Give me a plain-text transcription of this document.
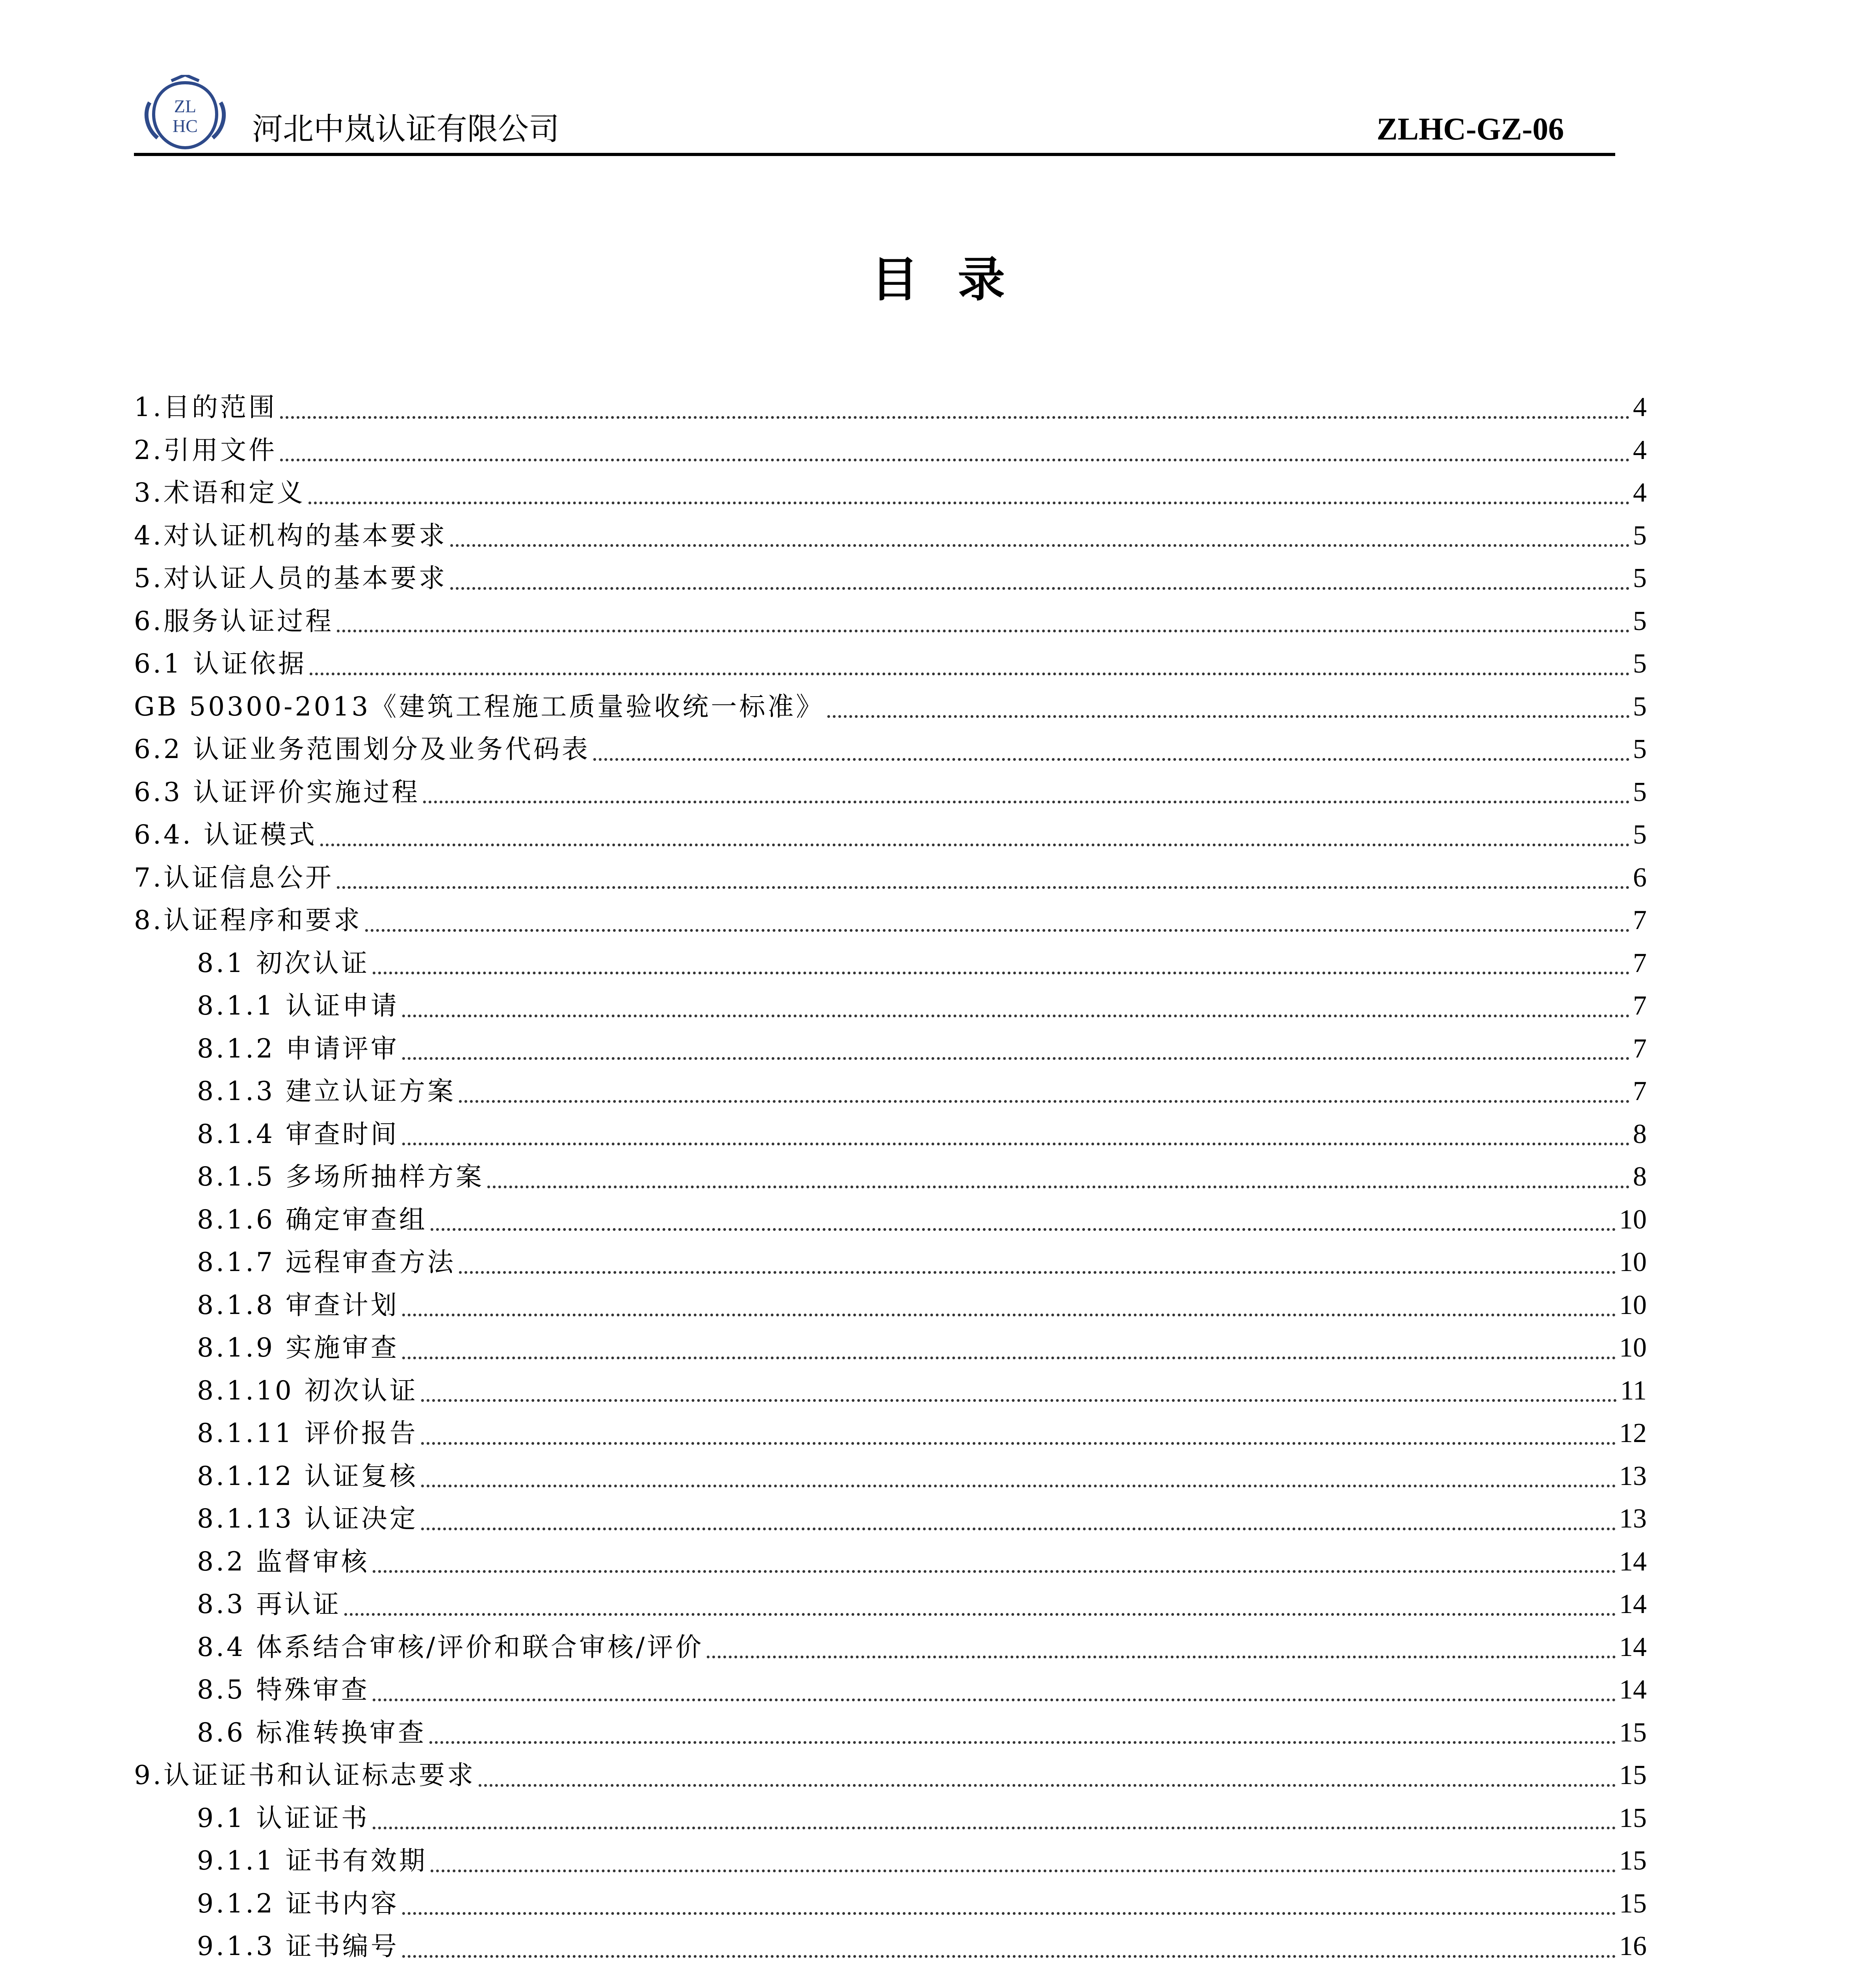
ZL
HC 河北中岚认证有限公司	ZLHC-GZ-06
目录
1.目的范围	4
2.引用文件	4
3.术语和定义	4
4.对认证机构的基本要求	5
5.对认证人员的基本要求	5
6.服务认证过程	5
6.1 认证依据	5
GB 50300-2013《建筑工程施工质量验收统一标准》	5
6.2 认证业务范围划分及业务代码表	5
6.3 认证评价实施过程	5
6.4. 认证模式	5
7.认证信息公开	6
8.认证程序和要求	7
8.1 初次认证	7
8.1.1 认证申请	7
8.1.2 申请评审	7
8.1.3 建立认证方案	7
8.1.4 审查时间	8
8.1.5 多场所抽样方案	8
8.1.6 确定审查组	10
8.1.7 远程审查方法	10
8.1.8 审查计划	10
8.1.9 实施审查	10
8.1.10 初次认证	11
8.1.11 评价报告	12
8.1.12 认证复核	13
8.1.13 认证决定	13
8.2 监督审核	14
8.3 再认证	14
8.4 体系结合审核/评价和联合审核/评价	14
8.5 特殊审查	14
8.6 标准转换审查	15
9.认证证书和认证标志要求	15
9.1 认证证书	15
9.1.1 证书有效期	15
9.1.2 证书内容	15
9.1.3 证书编号	16
